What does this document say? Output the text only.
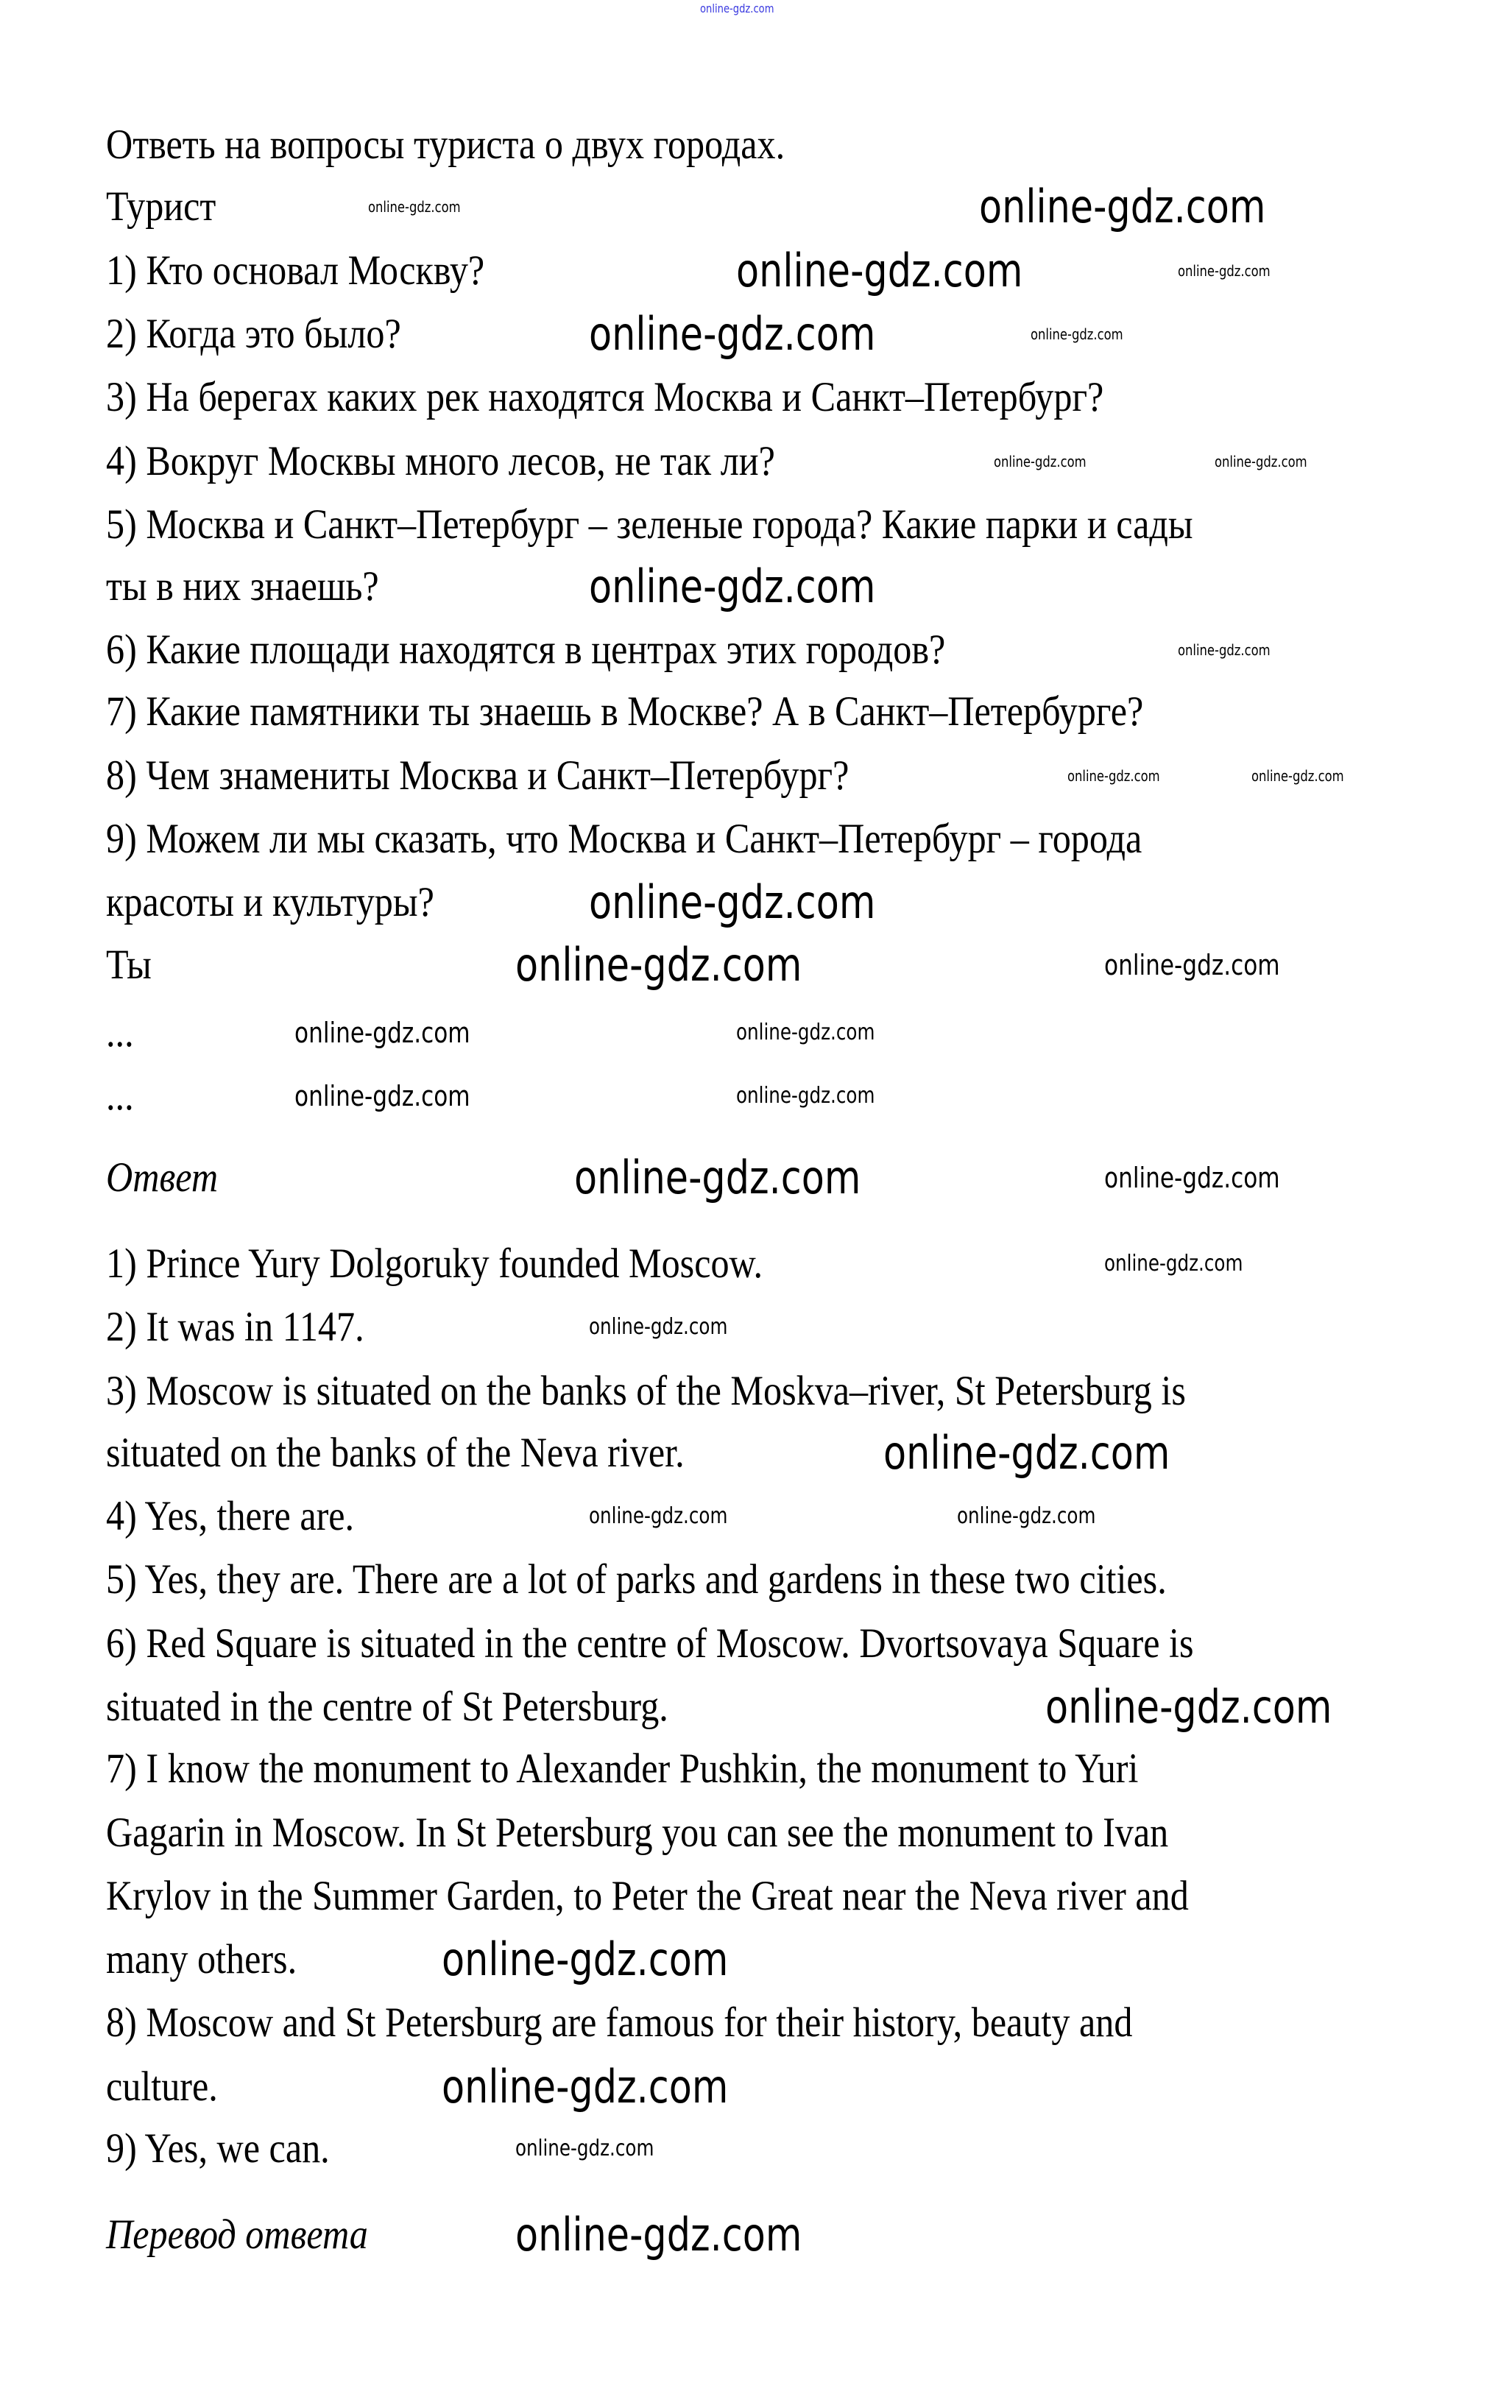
Ответь на вопросы туриста о двух городах.
Турист
1) Кто основал Москву?
2) Когда это было?
3) На берегах каких рек находятся Москва и Санкт–Петербург?
4) Вокруг Москвы много лесов, не так ли?
5) Москва и Санкт–Петербург – зеленые города? Какие парки и сады
ты в них знаешь?
6) Какие площади находятся в центрах этих городов?
7) Какие памятники ты знаешь в Москве? А в Санкт–Петербурге?
8) Чем знамениты Москва и Санкт–Петербург?
9) Можем ли мы сказать, что Москва и Санкт–Петербург – города
красоты и культуры?
Ты
...
...
Ответ
1) Prince Yury Dolgoruky founded Moscow.
2) It was in 1147.
3) Moscow is situated on the banks of the Moskva–river, St Petersburg is
situated on the banks of the Neva river.
4) Yes, there are.
5) Yes, they are. There are a lot of parks and gardens in these two cities.
6) Red Square is situated in the centre of Moscow. Dvortsovaya Square is
situated in the centre of St Petersburg.
7) I know the monument to Alexander Pushkin, the monument to Yuri
Gagarin in Moscow. In St Petersburg you can see the monument to Ivan
Krylov in the Summer Garden, to Peter the Great near the Neva river and
many others.
8) Moscow and St Petersburg are famous for their history, beauty and
culture.
9) Yes, we can.
Перевод ответа
online-gdz.com
online-gdz.com
online-gdz.com
online-gdz.com
online-gdz.com
online-gdz.com
online-gdz.com
online-gdz.com
online-gdz.com
online-gdz.com
online-gdz.com
online-gdz.com
online-gdz.com
online-gdz.com
online-gdz.com
online-gdz.com
online-gdz.com
online-gdz.com
online-gdz.com
online-gdz.com	online-gdz.com
online-gdz.com
online-gdz.com
online-gdz.com
online-gdz.com
online-gdz.com	online-gdz.com
online-gdz.com
online-gdz.com	online-gdz.com
online-gdz.com
online-gdz.com
